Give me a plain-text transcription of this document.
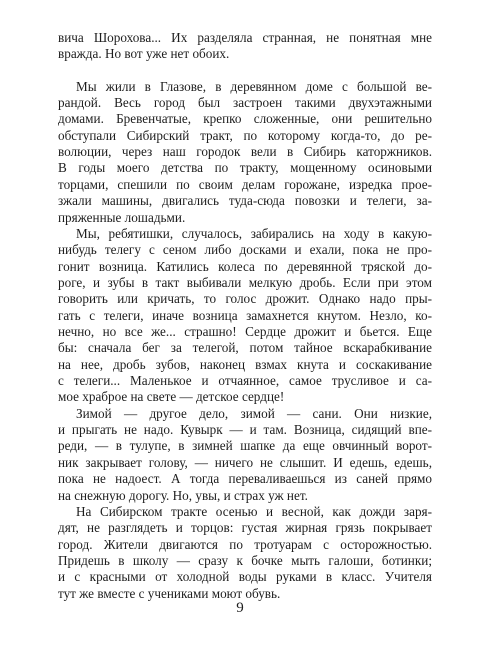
вича Шорохова... Их разделяла странная, не понятная мне
вражда. Но вот уже нет обоих.
Мы жили в Глазове, в деревянном доме с большой ве-
рандой. Весь город был застроен такими двухэтажными
домами. Бревенчатые, крепко сложенные, они решительно
обступали Сибирский тракт, по которому когда-то, до ре-
волюции, через наш городок вели в Сибирь каторжников.
В годы моего детства по тракту, мощенному осиновыми
торцами, спешили по своим делам горожане, изредка прое-
зжали машины, двигались туда-сюда повозки и телеги, за-
пряженные лошадьми.
Мы, ребятишки, случалось, забирались на ходу в какую-
нибудь телегу с сеном либо досками и ехали, пока не про-
гонит возница. Катились колеса по деревянной тряской до-
роге, и зубы в такт выбивали мелкую дробь. Если при этом
говорить или кричать, то голос дрожит. Однако надо пры-
гать с телеги, иначе возница замахнется кнутом. Незло, ко-
нечно, но все же... страшно! Сердце дрожит и бьется. Еще
бы: сначала бег за телегой, потом тайное вскарабкивание
на нее, дробь зубов, наконец взмах кнута и соскакивание
с телеги... Маленькое и отчаянное, самое трусливое и са-
мое храброе на свете — детское сердце!
Зимой — другое дело, зимой — сани. Они низкие,
и прыгать не надо. Кувырк — и там. Возница, сидящий впе-
реди, — в тулупе, в зимней шапке да еще овчинный ворот-
ник закрывает голову, — ничего не слышит. И едешь, едешь,
пока не надоест. А тогда переваливаешься из саней прямо
на снежную дорогу. Но, увы, и страх уж нет.
На Сибирском тракте осенью и весной, как дожди заря-
дят, не разглядеть и торцов: густая жирная грязь покрывает
город. Жители двигаются по тротуарам с осторожностью.
Придешь в школу — сразу к бочке мыть галоши, ботинки;
и с красными от холодной воды руками в класс. Учителя
тут же вместе с учениками моют обувь.
9
